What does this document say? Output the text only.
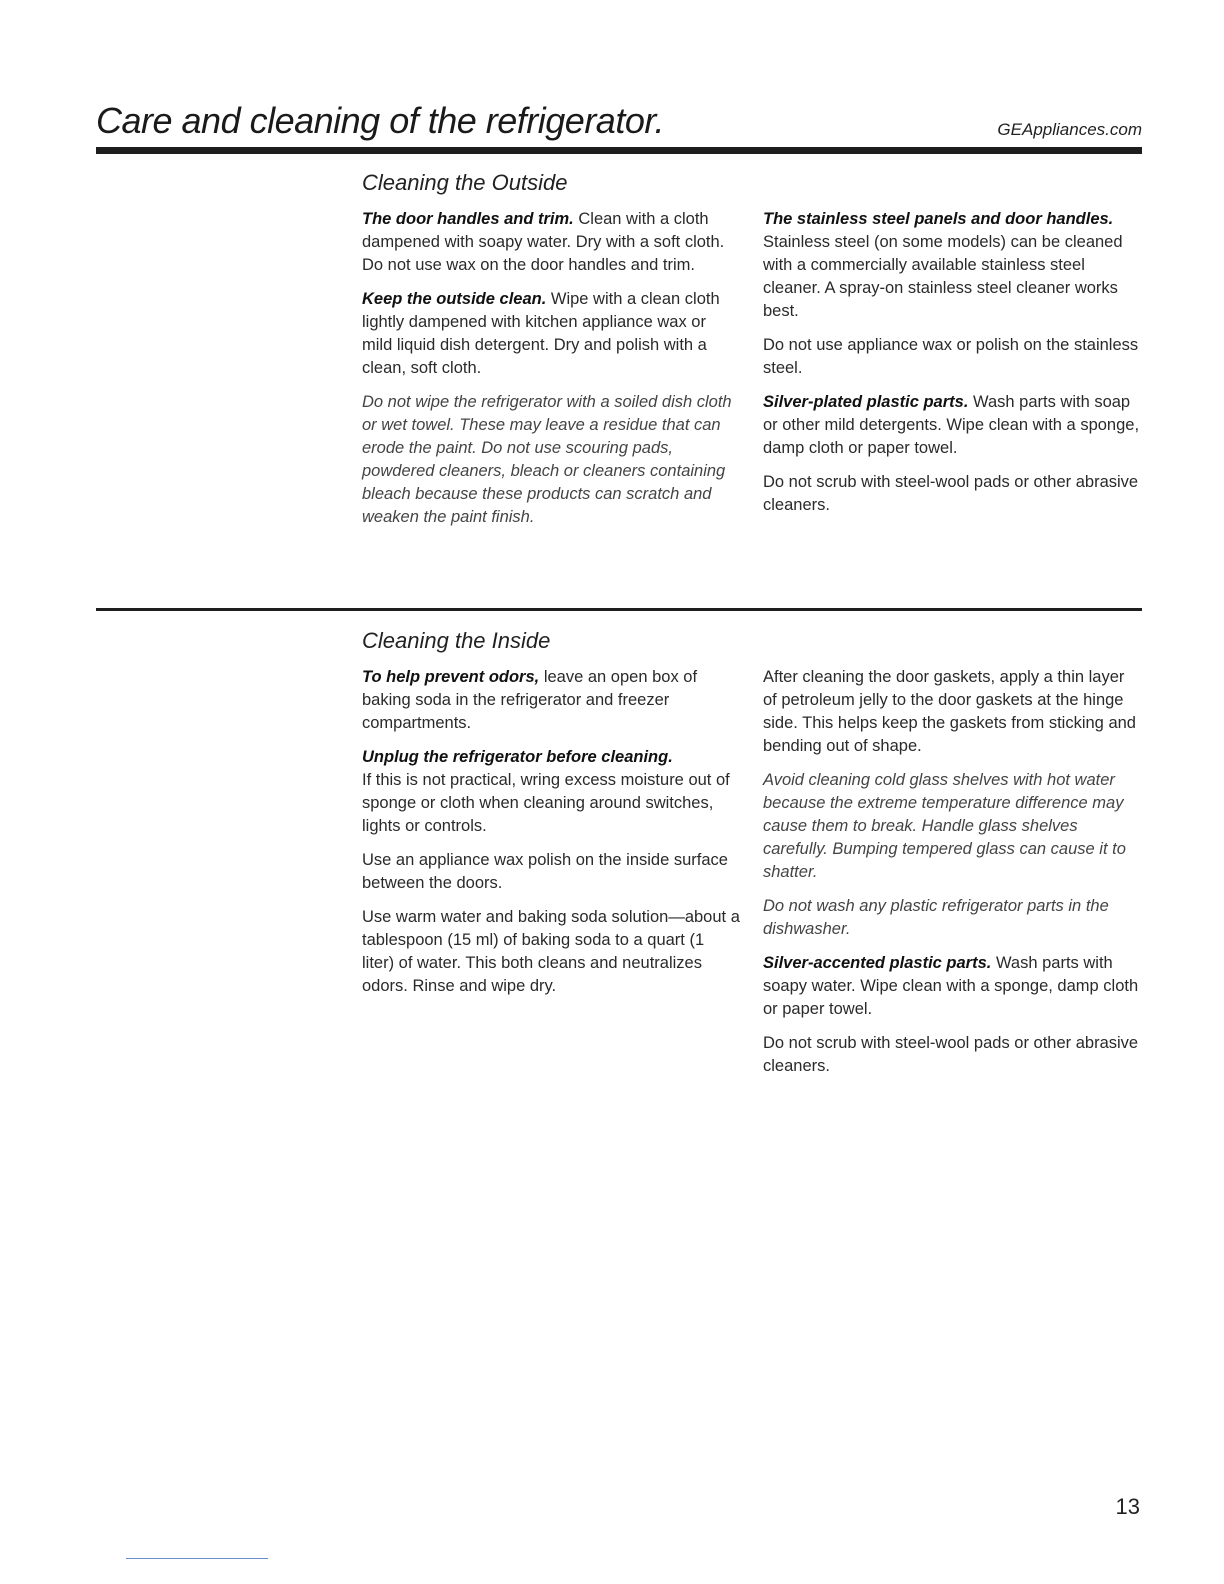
Care and cleaning of the refrigerator.	GEAppliances.com
Cleaning the Outside

The door handles and trim. Clean with a cloth dampened with soapy water. Dry with a soft cloth. Do not use wax on the door handles and trim.

Keep the outside clean. Wipe with a clean cloth lightly dampened with kitchen appliance wax or mild liquid dish detergent. Dry and polish with a clean, soft cloth.

Do not wipe the refrigerator with a soiled dish cloth or wet towel. These may leave a residue that can erode the paint. Do not use scouring pads, powdered cleaners, bleach or cleaners containing bleach because these products can scratch and weaken the paint finish.

The stainless steel panels and door handles. Stainless steel (on some models) can be cleaned with a commercially available stainless steel cleaner. A spray-on stainless steel cleaner works best.

Do not use appliance wax or polish on the stainless steel.

Silver-plated plastic parts. Wash parts with soap or other mild detergents. Wipe clean with a sponge, damp cloth or paper towel.

Do not scrub with steel-wool pads or other abrasive cleaners.

Cleaning the Inside

To help prevent odors, leave an open box of baking soda in the refrigerator and freezer compartments.

Unplug the refrigerator before cleaning.
If this is not practical, wring excess moisture out of sponge or cloth when cleaning around switches, lights or controls.

Use an appliance wax polish on the inside surface between the doors.

Use warm water and baking soda solution—about a tablespoon (15 ml) of baking soda to a quart (1 liter) of water. This both cleans and neutralizes odors. Rinse and wipe dry.

After cleaning the door gaskets, apply a thin layer of petroleum jelly to the door gaskets at the hinge side. This helps keep the gaskets from sticking and bending out of shape.

Avoid cleaning cold glass shelves with hot water because the extreme temperature difference may cause them to break. Handle glass shelves carefully. Bumping tempered glass can cause it to shatter.

Do not wash any plastic refrigerator parts in the dishwasher.

Silver-accented plastic parts. Wash parts with soapy water. Wipe clean with a sponge, damp cloth or paper towel.

Do not scrub with steel-wool pads or other abrasive cleaners.

13
